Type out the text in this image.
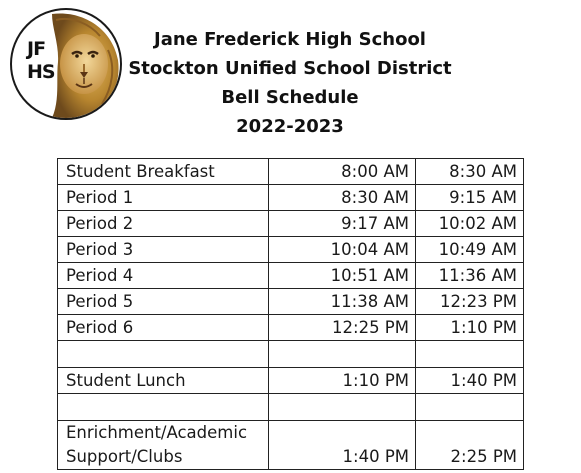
JF
HS
Jane Frederick High School
Stockton Unified School District
Bell Schedule
2022-2023
Student Breakfast	8:00 AM	8:30 AM
Period 1	8:30 AM	9:15 AM
Period 2	9:17 AM	10:02 AM
Period 3	10:04 AM	10:49 AM
Period 4	10:51 AM	11:36 AM
Period 5	11:38 AM	12:23 PM
Period 6	12:25 PM	1:10 PM

Student Lunch	1:10 PM	1:40 PM

Enrichment/Academic Support/Clubs	1:40 PM	2:25 PM
